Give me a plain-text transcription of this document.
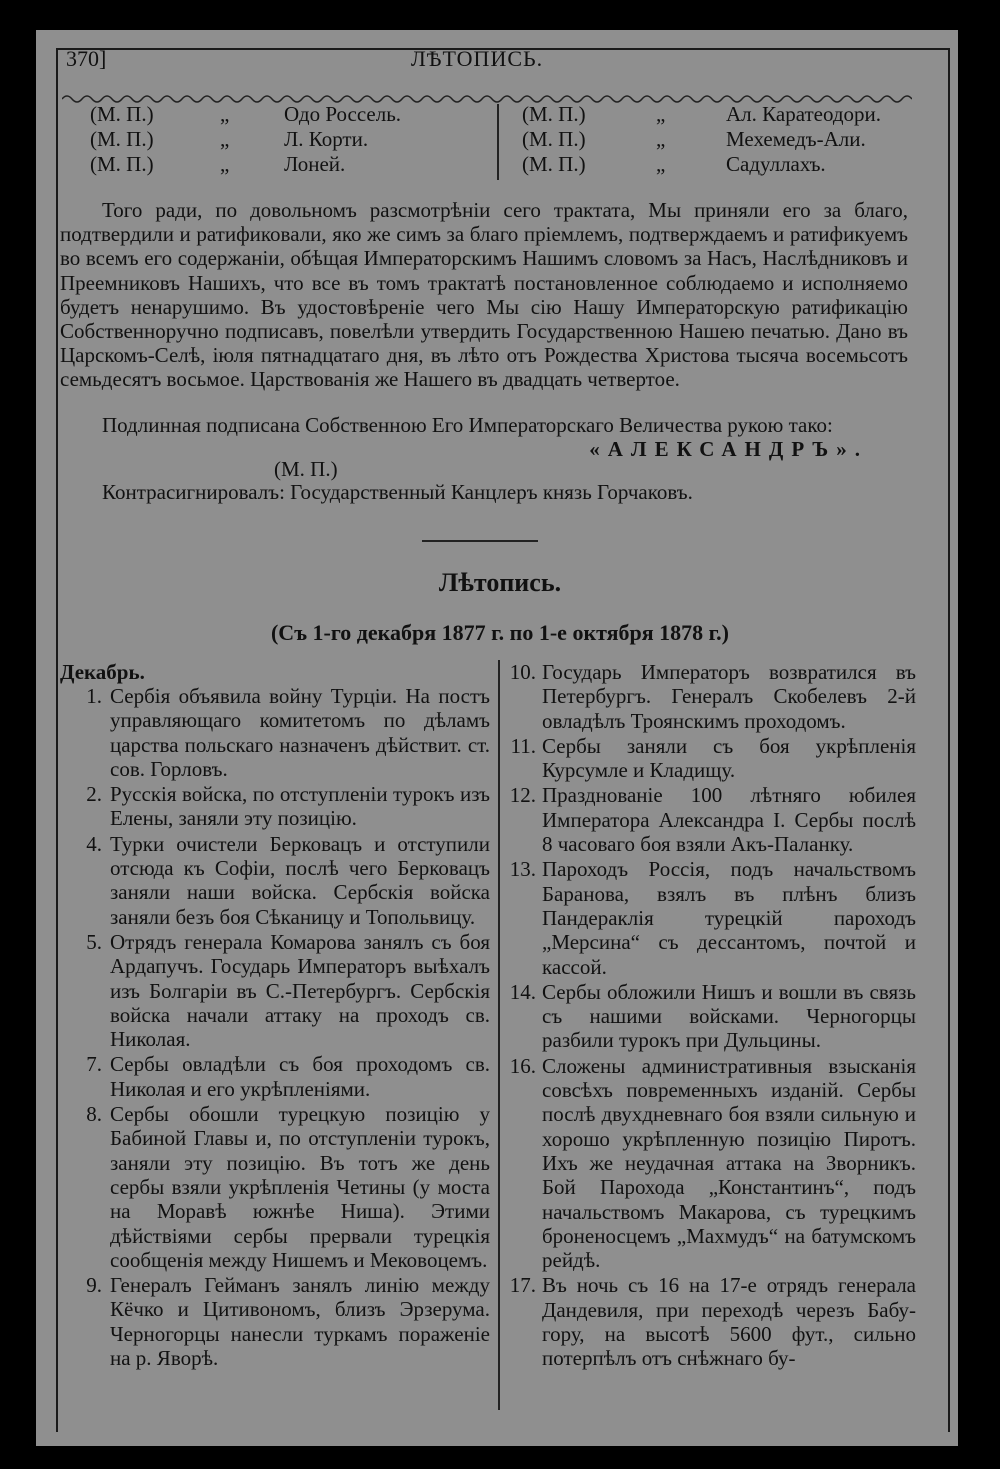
370]	ЛѢТОПИСЬ.
(М. П.)	„	Одо Россель.	(М. П.)	„	Ал. Каратеодори.
(М. П.)	„	Л. Корти.	(М. П.)	„	Мехемедъ-Али.
(М. П.)	„	Лоней.	(М. П.)	„	Садуллахъ.

Того ради, по довольномъ разсмотрѣніи сего трактата, Мы приняли его за благо, подтвердили и ратификовали, яко же симъ за благо пріемлемъ, подтверждаемъ и ратификуемъ во всемъ его содержаніи, обѣщая Императорскимъ Нашимъ словомъ за Насъ, Наслѣдниковъ и Преемниковъ Нашихъ, что все въ томъ трактатѣ постановленное соблюдаемо и исполняемо будетъ ненарушимо. Въ удостовѣреніе чего Мы сію Нашу Императорскую ратификацію Собственноручно подписавъ, повелѣли утвердить Государственною Нашею печатью. Дано въ Царскомъ-Селѣ, іюля пятнадцатаго дня, въ лѣто отъ Рождества Христова тысяча восемьсотъ семьдесятъ восьмое. Царствованія же Нашего въ двадцать четвертое.

Подлинная подписана Собственною Его Императорскаго Величества рукою тако:
«АЛЕКСАНДРЪ».
(М. П.)
Контрасигнировалъ: Государственный Канцлеръ князь Горчаковъ.
Лѣтопись.
(Съ 1-го декабря 1877 г. по 1-е октября 1878 г.)
Декабрь.
1. Сербія объявила войну Турціи. На постъ управляющаго комитетомъ по дѣламъ царства польскаго назначенъ дѣйствит. ст. сов. Горловъ.
2. Русскія войска, по отступленіи турокъ изъ Елены, заняли эту позицію.
4. Турки очистели Берковацъ и отступили отсюда къ Софіи, послѣ чего Берковацъ заняли наши войска. Сербскія войска заняли безъ боя Сѣканицу и Топольвицу.
5. Отрядъ генерала Комарова занялъ съ боя Ардапучъ. Государь Императоръ выѣхалъ изъ Болгаріи въ С.-Петербургъ. Сербскія войска начали аттаку на проходъ св. Николая.
7. Сербы овладѣли съ боя проходомъ св. Николая и его укрѣпленіями.
8. Сербы обошли турецкую позицію у Бабиной Главы и, по отступленіи турокъ, заняли эту позицію. Въ тотъ же день сербы взяли укрѣпленія Четины (у моста на Моравѣ южнѣе Ниша). Этими дѣйствіями сербы прервали турецкія сообщенія между Нишемъ и Мековоцемъ.
9. Генералъ Гейманъ занялъ линію между Кёчко и Цитивономъ, близъ Эрзерума. Черногорцы нанесли туркамъ пораженіе на р. Яворѣ.
10. Государь Императоръ возвратился въ Петербургъ. Генералъ Скобелевъ 2-й овладѣлъ Троянскимъ проходомъ.
11. Сербы заняли съ боя укрѣпленія Курсумле и Кладищу.
12. Празднованіе 100 лѣтняго юбилея Императора Александра I. Сербы послѣ 8 часоваго боя взяли Акъ-Паланку.
13. Пароходъ Россія, подъ начальствомъ Баранова, взялъ въ плѣнъ близъ Пандераклія турецкій пароходъ „Мерсина“ съ дессантомъ, почтой и кассой.
14. Сербы обложили Нишъ и вошли въ связь съ нашими войсками. Черногорцы разбили турокъ при Дульцины.
16. Сложены административныя взысканія совсѣхъ повременныхъ изданій. Сербы послѣ двухдневнаго боя взяли сильную и хорошо укрѣпленную позицію Пиротъ. Ихъ же неудачная аттака на Зворникъ. Бой Парохода „Константинъ“, подъ начальствомъ Макарова, съ турецкимъ броненосцемъ „Махмудъ“ на батумскомъ рейдѣ.
17. Въ ночь съ 16 на 17-е отрядъ генерала Дандевиля, при переходѣ черезъ Бабу-гору, на высотѣ 5600 фут., сильно потерпѣлъ отъ снѣжнаго бу-
